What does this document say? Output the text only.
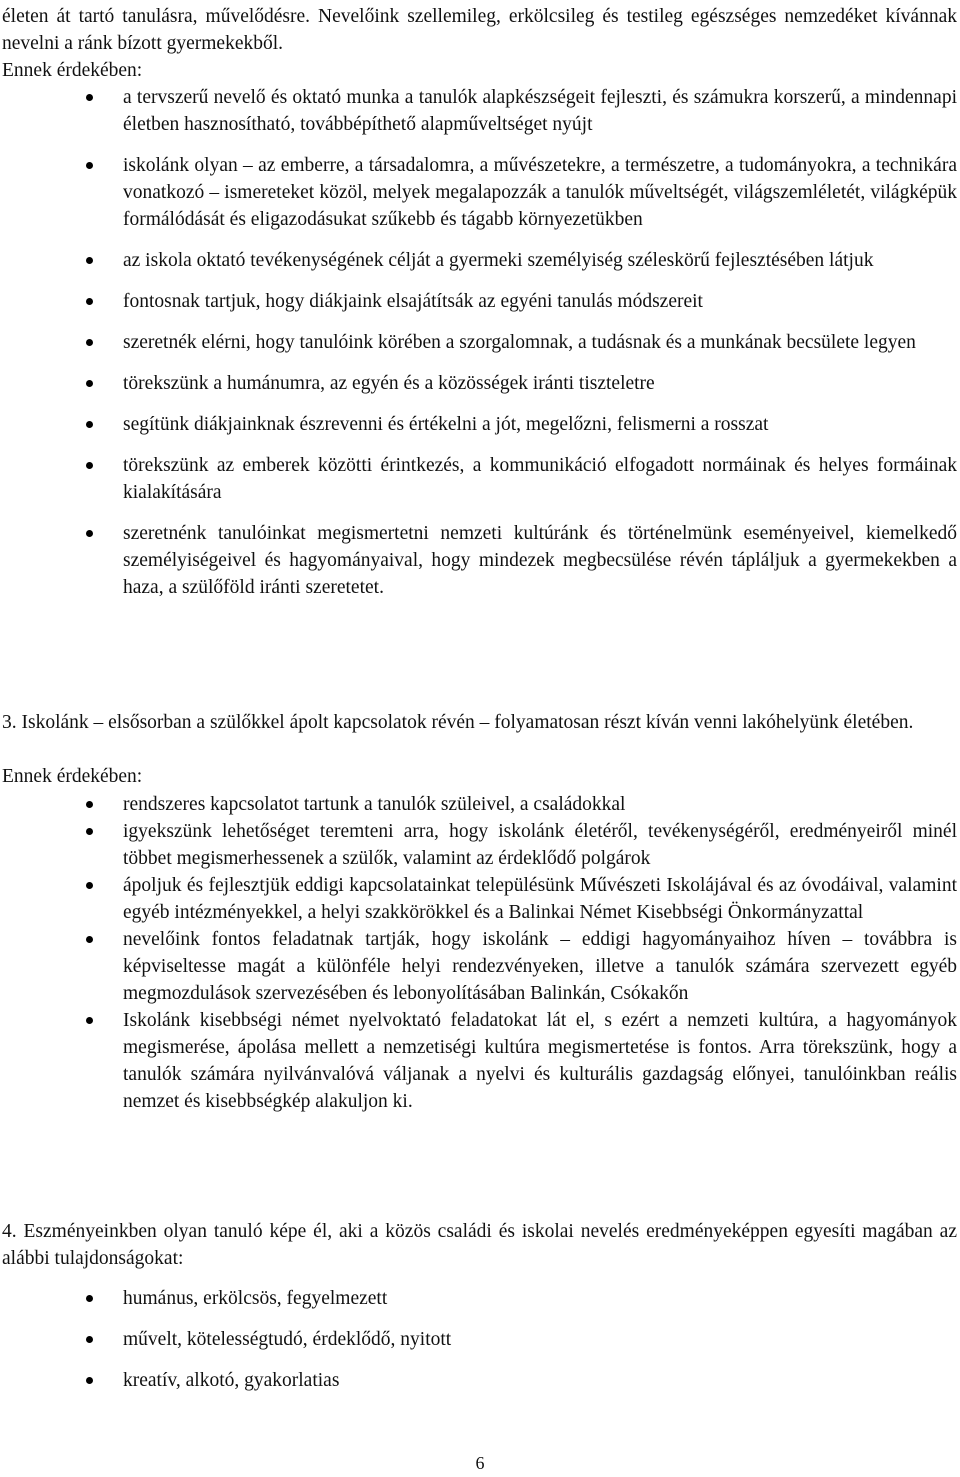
életen át tartó tanulásra, művelődésre. Nevelőink szellemileg, erkölcsileg és testileg egészséges nemzedéket kívánnak nevelni a ránk bízott gyermekekből.

Ennek érdekében:

a tervszerű nevelő és oktató munka a tanulók alapkészségeit fejleszti, és számukra korszerű, a mindennapi életben hasznosítható, továbbépíthető alapműveltséget nyújt
iskolánk olyan – az emberre, a társadalomra, a művészetekre, a természetre, a tudományokra, a technikára vonatkozó – ismereteket közöl, melyek megalapozzák a tanulók műveltségét, világszemléletét, világképük formálódását és eligazodásukat szűkebb és tágabb környezetükben
az iskola oktató tevékenységének célját a gyermeki személyiség széleskörű fejlesztésében látjuk
fontosnak tartjuk, hogy diákjaink elsajátítsák az egyéni tanulás módszereit
szeretnék elérni, hogy tanulóink körében a szorgalomnak, a tudásnak és a munkának becsülete legyen
törekszünk a humánumra, az egyén és a közösségek iránti tiszteletre
segítünk diákjainknak észrevenni és értékelni a jót, megelőzni, felismerni a rosszat
törekszünk az emberek közötti érintkezés, a kommunikáció elfogadott normáinak és helyes formáinak kialakítására
szeretnénk tanulóinkat megismertetni nemzeti kultúránk és történelmünk eseményeivel, kiemelkedő személyiségeivel és hagyományaival, hogy mindezek megbecsülése révén tápláljuk a gyermekekben a haza, a szülőföld iránti szeretetet.

3. Iskolánk – elsősorban a szülőkkel ápolt kapcsolatok révén – folyamatosan részt kíván venni lakóhelyünk életében.

Ennek érdekében:

rendszeres kapcsolatot tartunk a tanulók szüleivel, a családokkal
igyekszünk lehetőséget teremteni arra, hogy iskolánk életéről, tevékenységéről, eredményeiről minél többet megismerhessenek a szülők, valamint az érdeklődő polgárok
ápoljuk és fejlesztjük eddigi kapcsolatainkat településünk Művészeti Iskolájával és az óvodáival, valamint egyéb intézményekkel, a helyi szakkörökkel és a Balinkai Német Kisebbségi Önkormányzattal
nevelőink fontos feladatnak tartják, hogy iskolánk – eddigi hagyományaihoz híven – továbbra is képviseltesse magát a különféle helyi rendezvényeken, illetve a tanulók számára szervezett egyéb megmozdulások szervezésében és lebonyolításában Balinkán, Csókakőn
Iskolánk kisebbségi német nyelvoktató feladatokat lát el, s ezért a nemzeti kultúra, a hagyományok megismerése, ápolása mellett a nemzetiségi kultúra megismertetése is fontos. Arra törekszünk, hogy a tanulók számára nyilvánvalóvá váljanak a nyelvi és kulturális gazdagság előnyei, tanulóinkban reális nemzet és kisebbségkép alakuljon ki.

4. Eszményeinkben olyan tanuló képe él, aki a közös családi és iskolai nevelés eredményeképpen egyesíti magában az alábbi tulajdonságokat:

humánus, erkölcsös, fegyelmezett
művelt, kötelességtudó, érdeklődő, nyitott
kreatív, alkotó, gyakorlatias
6
